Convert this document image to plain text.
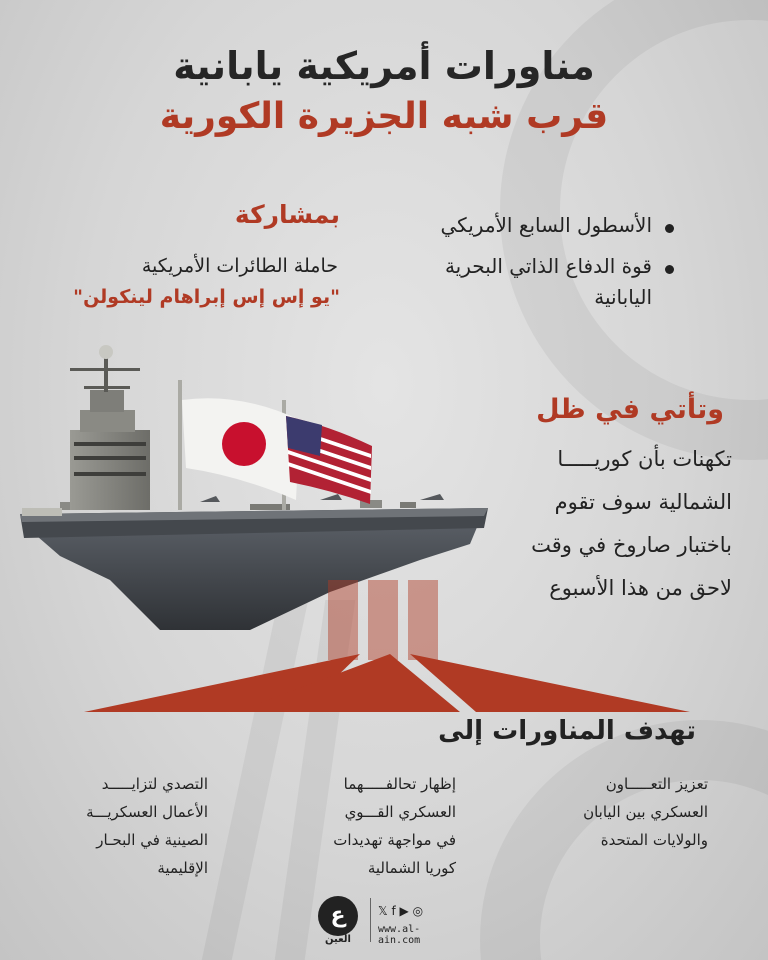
مناورات أمريكية يابانية
قرب شبه الجزيرة الكورية
بمشاركة
حاملة الطائرات الأمريكية
"يو إس إس إبراهام لينكولن"
الأسطول السابع الأمريكي
قوة الدفاع الذاتي البحرية اليابانية
وتأتي في ظل
تكهنات بأن كوريـــــا
الشمالية سوف تقوم
باختبار صاروخ في وقت
لاحق من هذا الأسبوع
تهدف المناورات إلى
تعزيز التعـــــاون
العسكري بين اليابان
والولايات المتحدة
إظهار تحالفـــــهما
العسكري القـــوي
في مواجهة تهديدات
كوريا الشمالية
التصدي لتزايـــــد
الأعمال العسكريـــة
الصينية في البحـار
الإقليمية
ع
العين
𝕏 f ▶ ◎
www.al-ain.com
